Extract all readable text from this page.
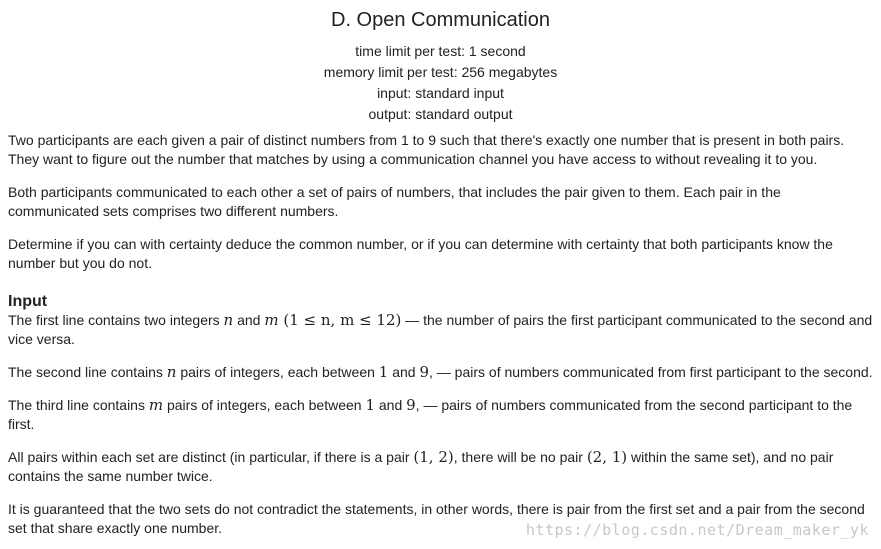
D. Open Communication
time limit per test: 1 second
memory limit per test: 256 megabytes
input: standard input
output: standard output

Two participants are each given a pair of distinct numbers from 1 to 9 such that there's exactly one number that is present in both pairs. They want to figure out the number that matches by using a communication channel you have access to without revealing it to you.

Both participants communicated to each other a set of pairs of numbers, that includes the pair given to them. Each pair in the communicated sets comprises two different numbers.

Determine if you can with certainty deduce the common number, or if you can determine with certainty that both participants know the number but you do not.

Input

The first line contains two integers n and m (1 ≤ n, m ≤ 12) — the number of pairs the first participant communicated to the second and vice versa.

The second line contains n pairs of integers, each between 1 and 9, — pairs of numbers communicated from first participant to the second.

The third line contains m pairs of integers, each between 1 and 9, — pairs of numbers communicated from the second participant to the first.

All pairs within each set are distinct (in particular, if there is a pair (1, 2), there will be no pair (2, 1) within the same set), and no pair contains the same number twice.

It is guaranteed that the two sets do not contradict the statements, in other words, there is pair from the first set and a pair from the second set that share exactly one number.	https://blog.csdn.net/Dream_maker_yk
